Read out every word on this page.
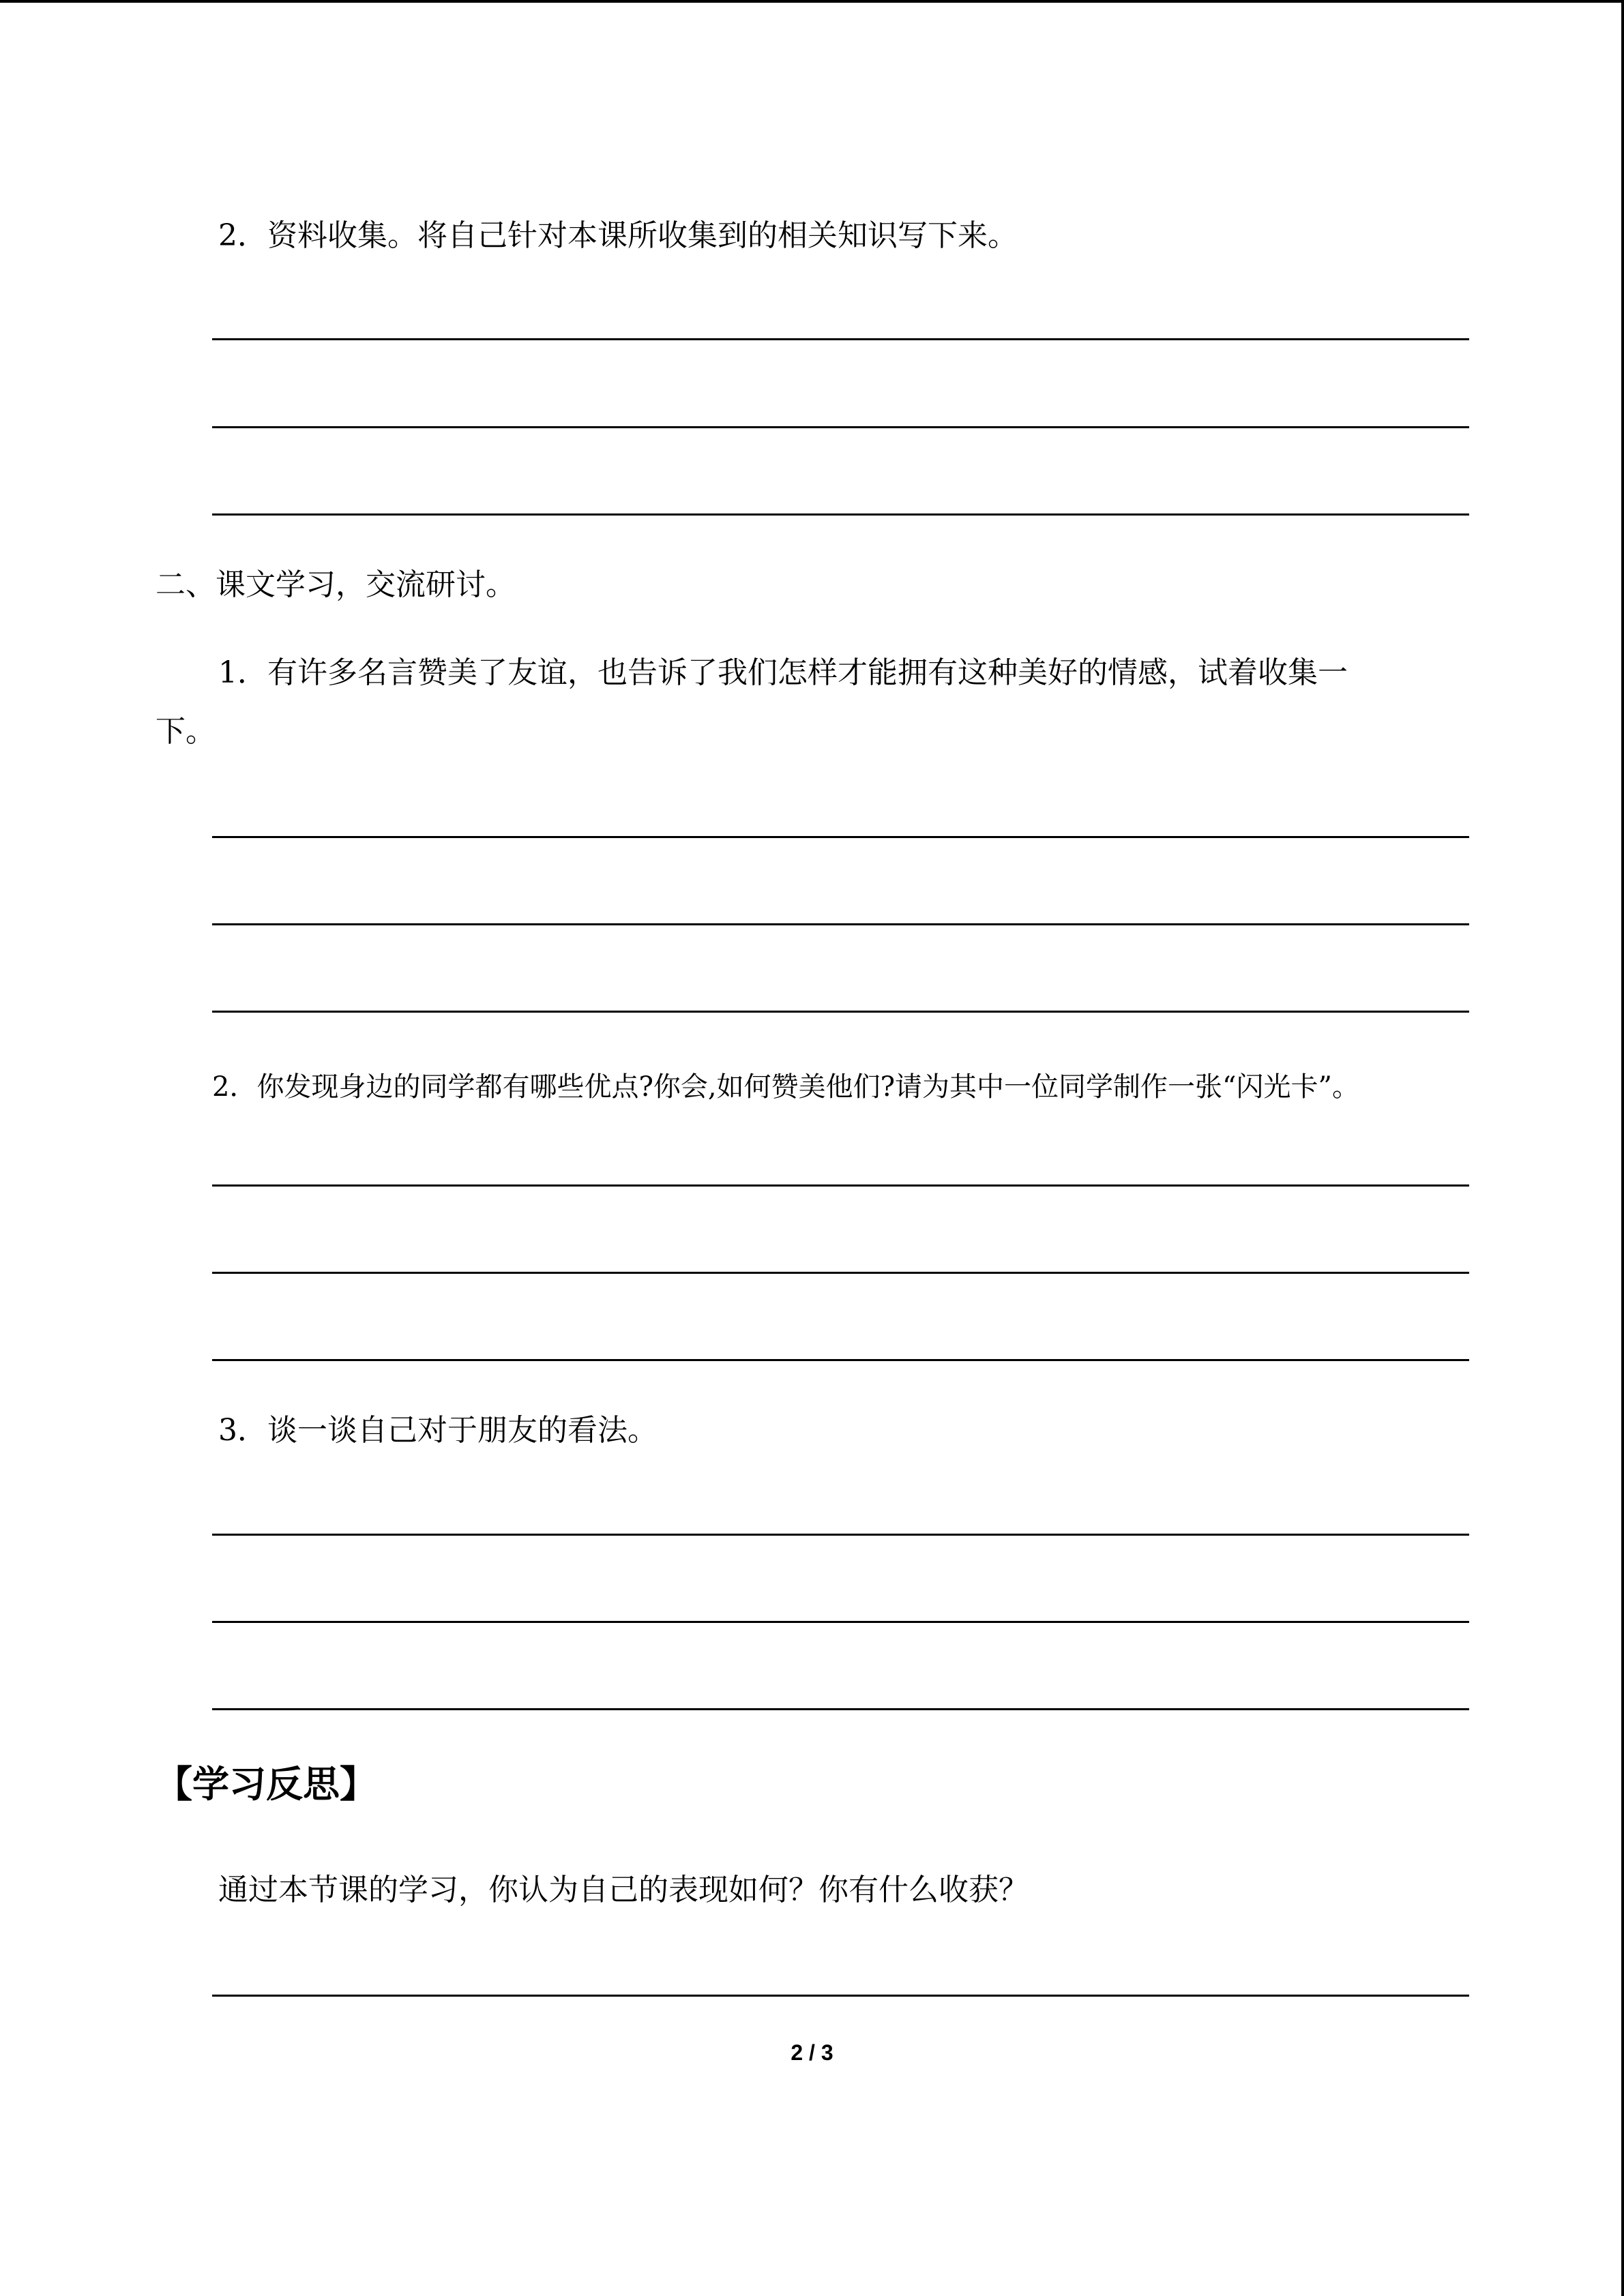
2．资料收集。将自己针对本课所收集到的相关知识写下来。
二、课文学习，交流研讨。
1．有许多名言赞美了友谊，也告诉了我们怎样才能拥有这种美好的情感，试着收集一
下。
2．你发现身边的同学都有哪些优点?你会,如何赞美他们?请为其中一位同学制作一张“闪光卡”。
3．谈一谈自己对于朋友的看法。
【学习反思】
通过本节课的学习，你认为自己的表现如何？你有什么收获？
2 / 3
